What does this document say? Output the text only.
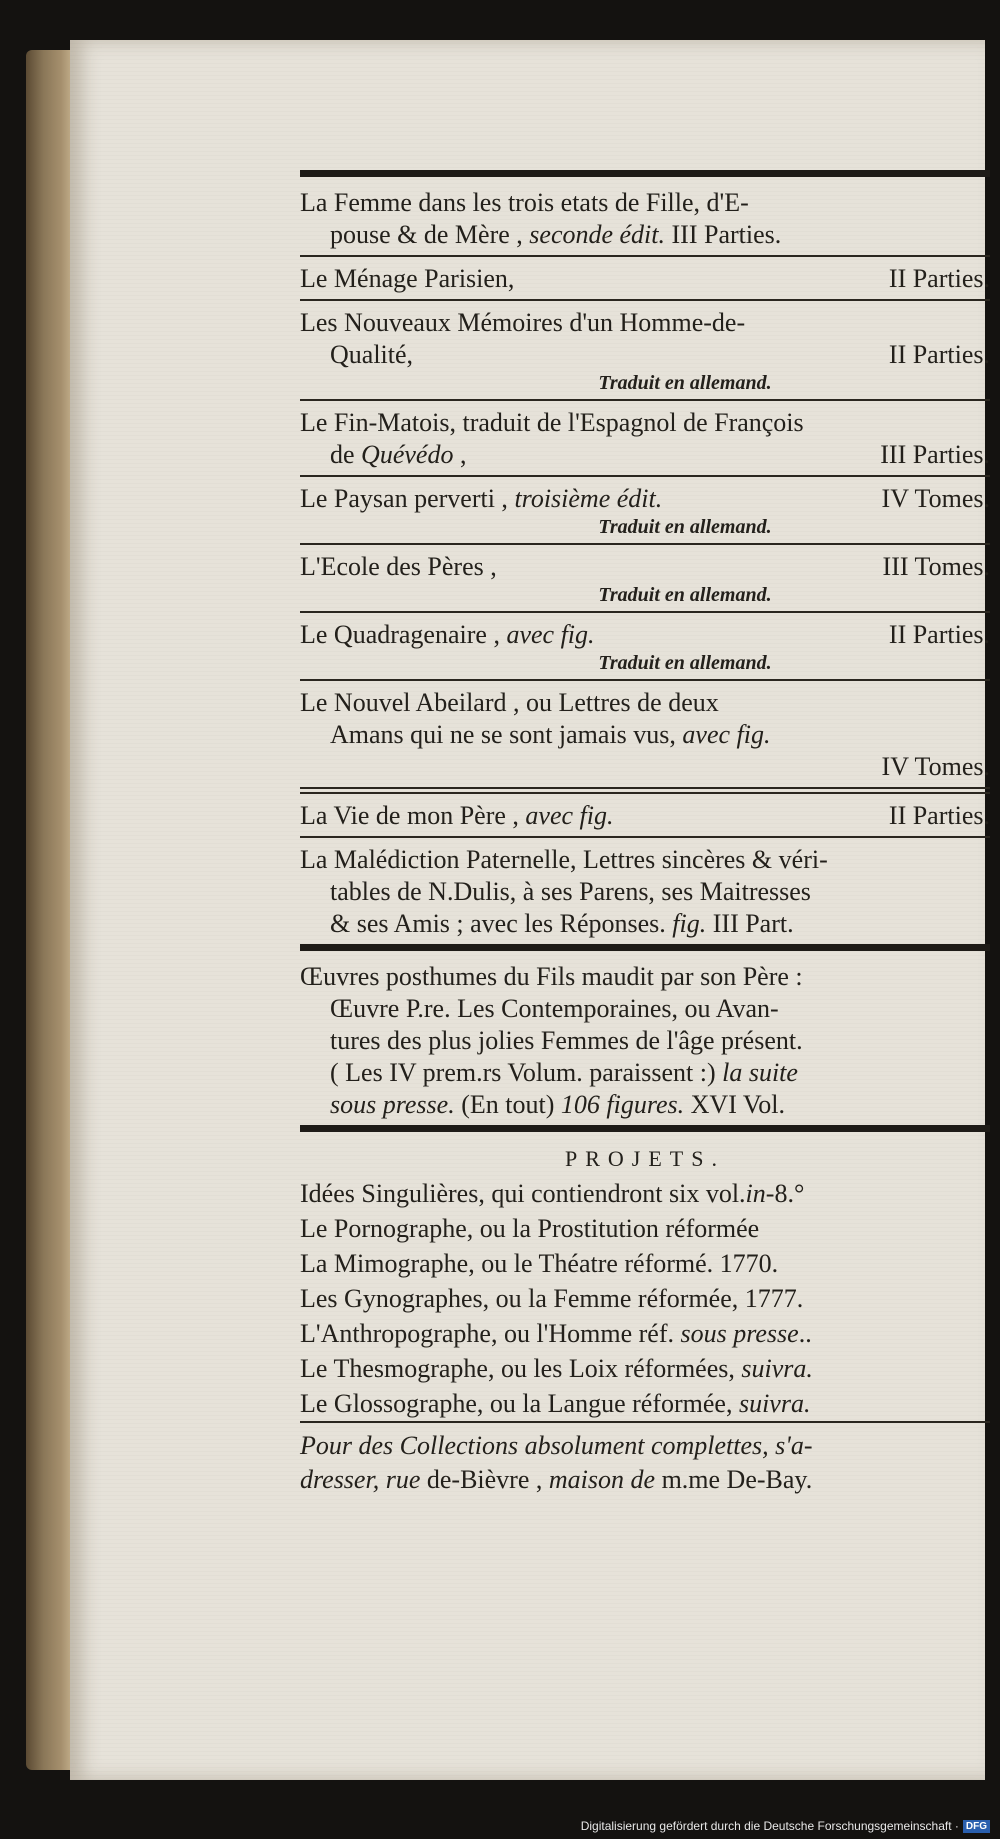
La Femme dans les trois etats de Fille, d'E-
pouse & de Mère , seconde édit. III Parties.
Le Ménage Parisien,	II Parties.
Les Nouveaux Mémoires d'un Homme-de-
Qualité,	II Parties.
Traduit en allemand.
Le Fin-Matois, traduit de l'Espagnol de François
de Quévédo ,	III Parties.
Le Paysan perverti , troisième édit.	IV Tomes.
Traduit en allemand.
L'Ecole des Pères ,	III Tomes.
Traduit en allemand.
Le Quadragenaire , avec fig.	II Parties.
Traduit en allemand.
Le Nouvel Abeilard , ou Lettres de deux
Amans qui ne se sont jamais vus, avec fig.
IV Tomes.
La Vie de mon Père , avec fig.	II Parties.
La Malédiction Paternelle, Lettres sincères & véri-
tables de N.Dulis, à ses Parens, ses Maitresses
& ses Amis ; avec les Réponses. fig. III Part.
Œuvres posthumes du Fils maudit par son Père :
Œuvre P.re. Les Contemporaines, ou Avan-
tures des plus jolies Femmes de l'âge présent.
( Les IV prem.rs Volum. paraissent :) la suite
sous presse. (En tout) 106 figures. XVI Vol.
PROJETS.
Idées Singulières, qui contiendront six vol.in-8.°
Le Pornographe, ou la Prostitution réformée
La Mimographe, ou le Théatre réformé. 1770.
Les Gynographes, ou la Femme réformée, 1777.
L'Anthropographe, ou l'Homme réf. sous presse..
Le Thesmographe, ou les Loix réformées, suivra.
Le Glossographe, ou la Langue réformée, suivra.
Pour des Collections absolument complettes, s'a-
dresser, rue de-Bièvre , maison de m.me De-Bay.
Digitalisierung gefördert durch die Deutsche Forschungsgemeinschaft · DFG
